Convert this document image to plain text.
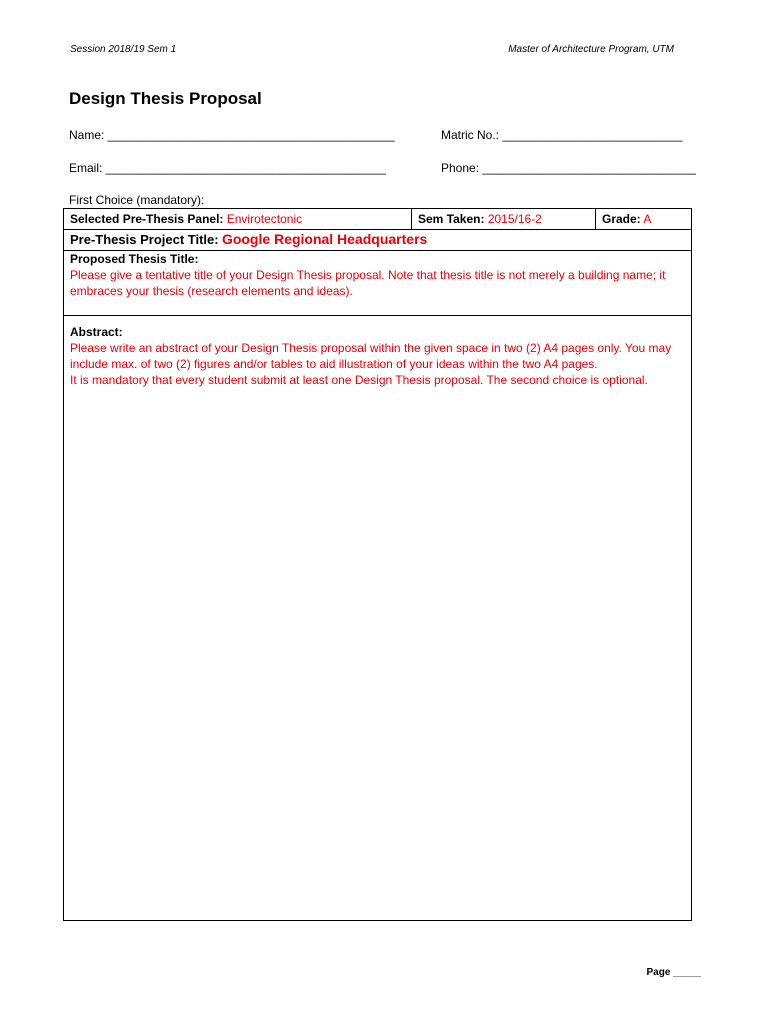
Session 2018/19 Sem 1	Master of Architecture Program, UTM
Design Thesis Proposal
Name: ___________________________________________	Matric No.: ___________________________
Email: __________________________________________	Phone: ________________________________
First Choice (mandatory):
Selected Pre-Thesis Panel: Envirotectonic	Sem Taken: 2015/16-2	Grade: A
Pre-Thesis Project Title: Google Regional Headquarters

Proposed Thesis Title:

Please give a tentative title of your Design Thesis proposal. Note that thesis title is not merely a building name; it embraces your thesis (research elements and ideas).

Abstract:

Please write an abstract of your Design Thesis proposal within the given space in two (2) A4 pages only. You may include max. of two (2) figures and/or tables to aid illustration of your ideas within the two A4 pages.

It is mandatory that every student submit at least one Design Thesis proposal. The second choice is optional.

Page _____
